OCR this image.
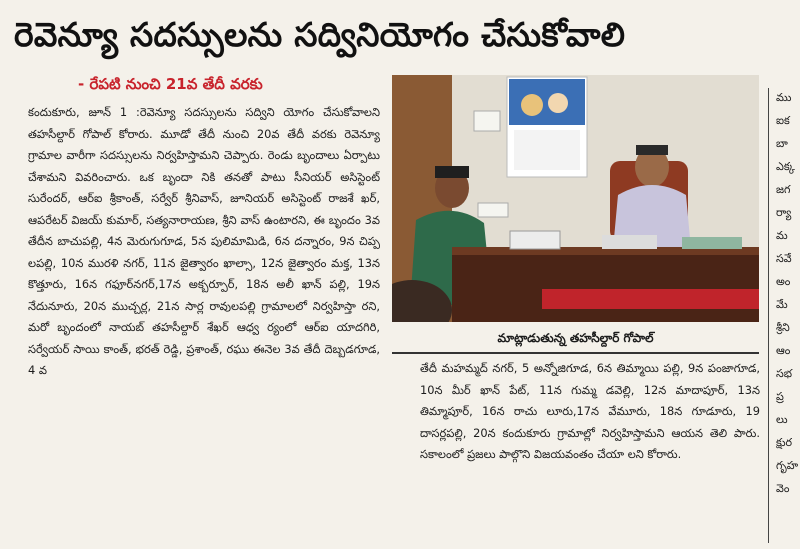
రెవెన్యూ సదస్సులను సద్వినియోగం చేసుకోవాలి
- రేపటి నుంచి 21వ తేదీ వరకు

కందుకూరు, జూన్ 1 :రెవెన్యూ సదస్సులను సద్విని యోగం చేసుకోవాలని తహసీల్దార్ గోపాల్ కోరారు. మూడో తేదీ నుంచి 20వ తేదీ వరకు రెవెన్యూ గ్రామాల వారీగా సదస్సులను నిర్వహిస్తామని చెప్పారు. రెండు బృందాలు ఏర్పాటు చేశామని వివరించారు. ఒక బృందా నికి తనతో పాటు సీనియర్ అసిస్టెంట్ సురేందర్, ఆర్ఐ శ్రీకాంత్, సర్వేర్ శ్రీనివాస్, జూనియర్ అసిస్టెంట్ రాజశే ఖర్, ఆపరేటర్ విజయ్ కుమార్, సత్యనారాయణ, శ్రీని వాస్ ఉంటారని, ఈ బృందం 3వ తేదీన బాచుపల్లి, 4న మెరుగుగూడ, 5న పులిమామిడి, 6న దన్నారం, 9న చిప్ప లపల్లి, 10న మురళి నగర్, 11న జైత్వారం ఖాల్సా, 12న జైత్వారం మక్త, 13న కొత్తూరు, 16న గఫూర్‌నగర్,17న అక్బర్పూర్, 18న అలీ ఖాన్ పల్లి, 19న నేదునూరు, 20న ముచ్చర్ల, 21న సార్ల రావులపల్లి గ్రామాలలో నిర్వహిస్తా రని, మరో బృందంలో నాయబ్ తహసీల్దార్ శేఖర్ ఆధ్వ ర్యంలో ఆర్ఐ యాదగిరి, సర్వేయర్ సాయి కాంత్, భరత్ రెడ్డి, ప్రశాంత్, రఘు ఈనెల 3వ తేదీ దెబ్బడగూడ, 4 వ

మాట్లాడుతున్న తహసీల్దార్ గోపాల్

తేదీ మహమ్మద్ నగర్, 5 అన్నోజిగూడ, 6న తిమ్మాయి పల్లి, 9న పంజాగూడ, 10న మీర్ ఖాన్ పేట్, 11న గుమ్మ డవెల్లి, 12న మాదాపూర్, 13న తిమ్మాపూర్, 16న రాచు లూరు,17న వేమూరు, 18న గూడూరు, 19 దాసర్లపల్లి, 20న కందుకూరు గ్రామాల్లో నిర్వహిస్తామని ఆయన తెలి పారు. సకాలంలో ప్రజలు పాల్గొని విజయవంతం చేయా లని కోరారు.

ము
ఐక
బా
ఎక్క
జగ
ర్యా
మ
సవే
అం
మే
శ్రీని
ఆం
సభ
ప్ర
లు
క్షుర
గృహ
వెం
